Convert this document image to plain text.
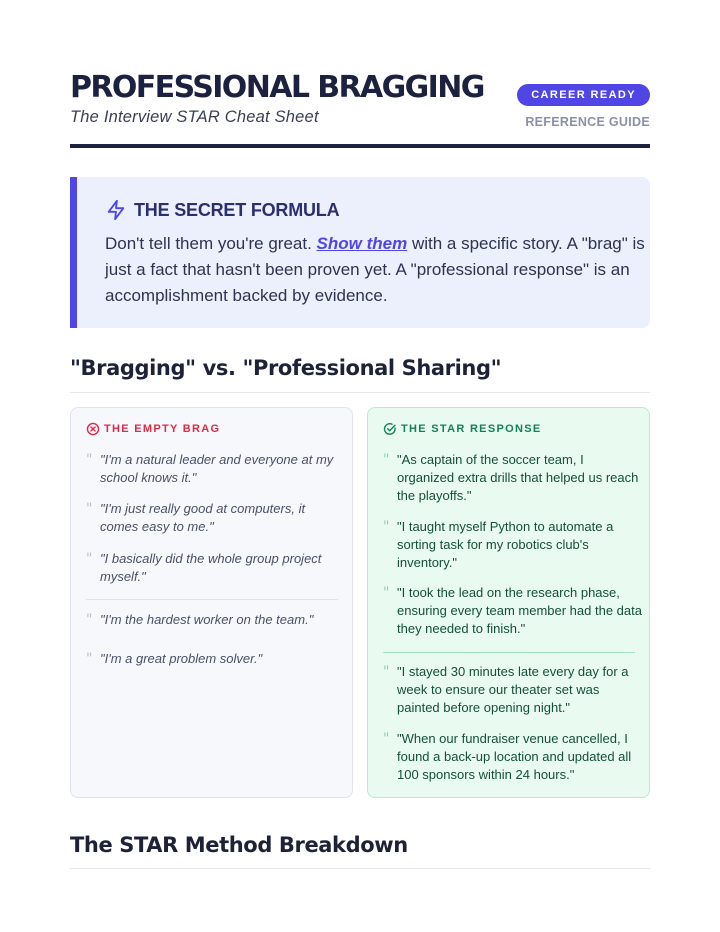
PROFESSIONAL BRAGGING
The Interview STAR Cheat Sheet
CAREER READY
REFERENCE GUIDE
THE SECRET FORMULA
Don't tell them you're great. Show them with a specific story. A "brag" is just a fact that hasn't been proven yet. A "professional response" is an accomplishment backed by evidence.
"Bragging" vs. "Professional Sharing"
THE EMPTY BRAG
" "I'm a natural leader and everyone at my school knows it."
" "I'm just really good at computers, it comes easy to me."
" "I basically did the whole group project myself."
" "I'm the hardest worker on the team."
" "I'm a great problem solver."
THE STAR RESPONSE
" "As captain of the soccer team, I organized extra drills that helped us reach the playoffs."
" "I taught myself Python to automate a sorting task for my robotics club's inventory."
" "I took the lead on the research phase, ensuring every team member had the data they needed to finish."
" "I stayed 30 minutes late every day for a week to ensure our theater set was painted before opening night."
" "When our fundraiser venue cancelled, I found a back-up location and updated all 100 sponsors within 24 hours."
The STAR Method Breakdown
